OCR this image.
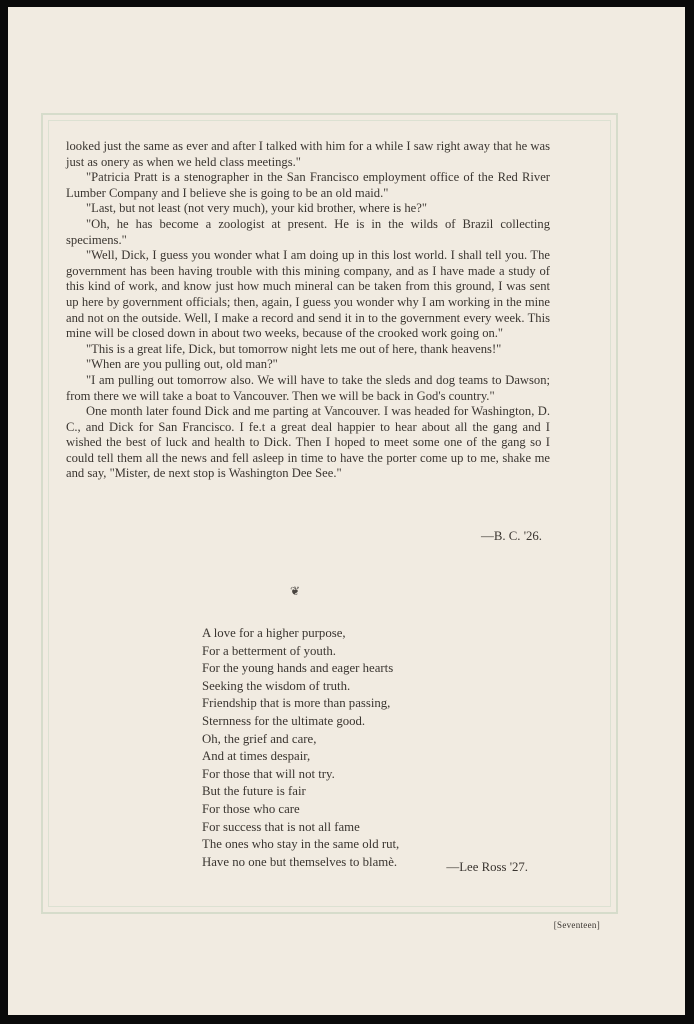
looked just the same as ever and after I talked with him for a while I saw right away that he was just as onery as when we held class meetings."

"Patricia Pratt is a stenographer in the San Francisco employment office of the Red River Lumber Company and I believe she is going to be an old maid."

"Last, but not least (not very much), your kid brother, where is he?"

"Oh, he has become a zoologist at present. He is in the wilds of Brazil collecting specimens."

"Well, Dick, I guess you wonder what I am doing up in this lost world. I shall tell you. The government has been having trouble with this mining company, and as I have made a study of this kind of work, and know just how much mineral can be taken from this ground, I was sent up here by government officials; then, again, I guess you wonder why I am working in the mine and not on the outside. Well, I make a record and send it in to the government every week. This mine will be closed down in about two weeks, because of the crooked work going on."

"This is a great life, Dick, but tomorrow night lets me out of here, thank heavens!"

"When are you pulling out, old man?"

"I am pulling out tomorrow also. We will have to take the sleds and dog teams to Dawson; from there we will take a boat to Vancouver. Then we will be back in God's country."

One month later found Dick and me parting at Vancouver. I was headed for Washington, D. C., and Dick for San Francisco. I fe.t a great deal happier to hear about all the gang and I wished the best of luck and health to Dick. Then I hoped to meet some one of the gang so I could tell them all the news and fell asleep in time to have the porter come up to me, shake me and say, "Mister, de next stop is Washington Dee See."

—B. C. '26.
❦
A love for a higher purpose,
For a betterment of youth.
For the young hands and eager hearts
Seeking the wisdom of truth.
Friendship that is more than passing,
Sternness for the ultimate good.
Oh, the grief and care,
And at times despair,
For those that will not try.
But the future is fair
For those who care
For success that is not all fame
The ones who stay in the same old rut,
Have no one but themselves to blamè.	—Lee Ross '27.
[Seventeen]
